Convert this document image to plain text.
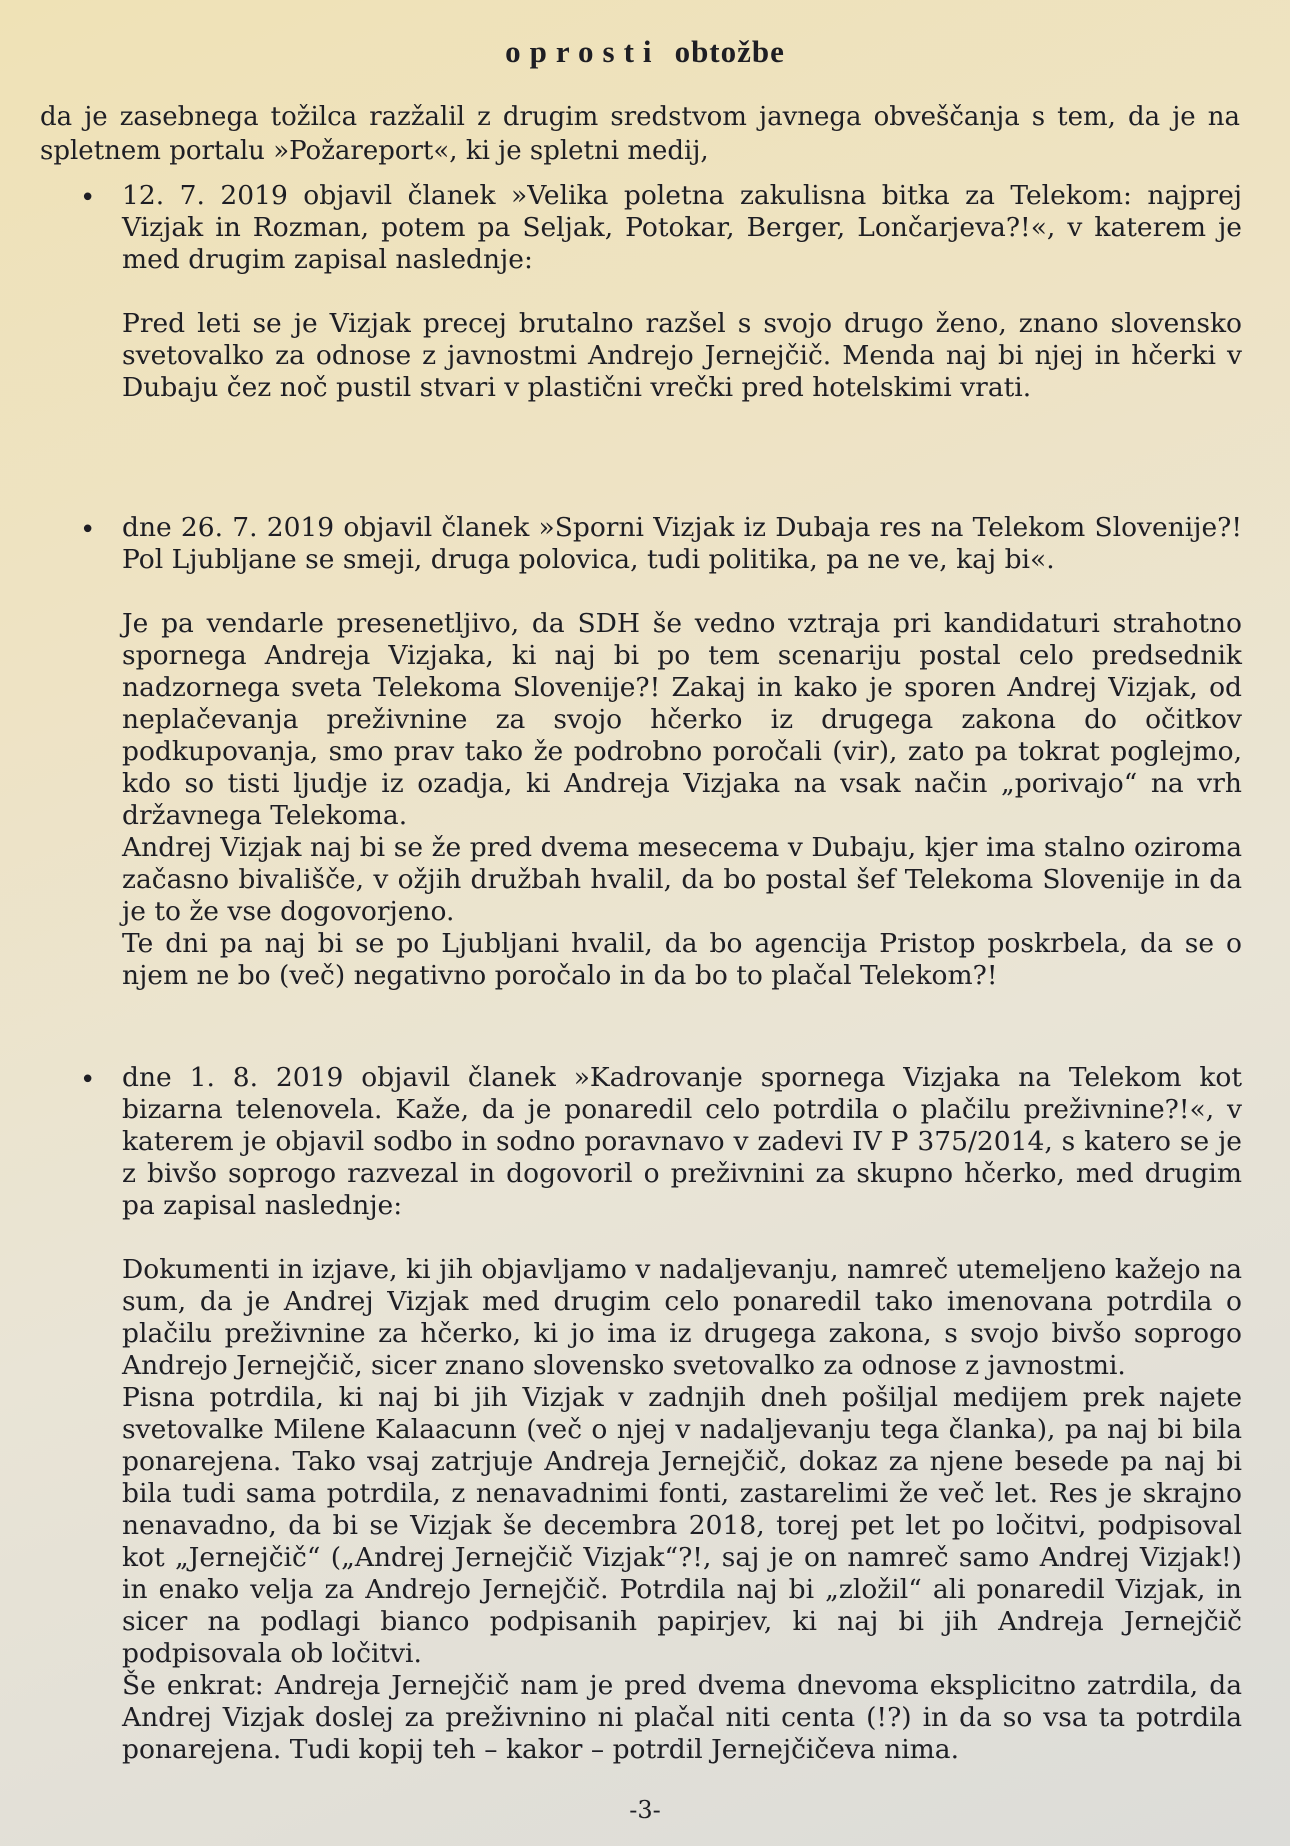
oprosti obtožbe
da je zasebnega tožilca razžalil z drugim sredstvom javnega obveščanja s tem, da je na spletnem portalu »Požareport«, ki je spletni medij,
• 12. 7. 2019 objavil članek »Velika poletna zakulisna bitka za Telekom: najprej Vizjak in Rozman, potem pa Seljak, Potokar, Berger, Lončarjeva?!«, v katerem je med drugim zapisal naslednje:

Pred leti se je Vizjak precej brutalno razšel s svojo drugo ženo, znano slovensko svetovalko za odnose z javnostmi Andrejo Jernejčič. Menda naj bi njej in hčerki v Dubaju čez noč pustil stvari v plastični vrečki pred hotelskimi vrati.

• dne 26. 7. 2019 objavil članek »Sporni Vizjak iz Dubaja res na Telekom Slovenije?! Pol Ljubljane se smeji, druga polovica, tudi politika, pa ne ve, kaj bi«.

Je pa vendarle presenetljivo, da SDH še vedno vztraja pri kandidaturi strahotno spornega Andreja Vizjaka, ki naj bi po tem scenariju postal celo predsednik nadzornega sveta Telekoma Slovenije?! Zakaj in kako je sporen Andrej Vizjak, od neplačevanja preživnine za svojo hčerko iz drugega zakona do očitkov podkupovanja, smo prav tako že podrobno poročali (vir), zato pa tokrat poglejmo, kdo so tisti ljudje iz ozadja, ki Andreja Vizjaka na vsak način „porivajo“ na vrh državnega Telekoma.

Andrej Vizjak naj bi se že pred dvema mesecema v Dubaju, kjer ima stalno oziroma začasno bivališče, v ožjih družbah hvalil, da bo postal šef Telekoma Slovenije in da je to že vse dogovorjeno.

Te dni pa naj bi se po Ljubljani hvalil, da bo agencija Pristop poskrbela, da se o njem ne bo (več) negativno poročalo in da bo to plačal Telekom?!

• dne 1. 8. 2019 objavil članek »Kadrovanje spornega Vizjaka na Telekom kot bizarna telenovela. Kaže, da je ponaredil celo potrdila o plačilu preživnine?!«, v katerem je objavil sodbo in sodno poravnavo v zadevi IV P 375/2014, s katero se je z bivšo soprogo razvezal in dogovoril o preživnini za skupno hčerko, med drugim pa zapisal naslednje:

Dokumenti in izjave, ki jih objavljamo v nadaljevanju, namreč utemeljeno kažejo na sum, da je Andrej Vizjak med drugim celo ponaredil tako imenovana potrdila o plačilu preživnine za hčerko, ki jo ima iz drugega zakona, s svojo bivšo soprogo Andrejo Jernejčič, sicer znano slovensko svetovalko za odnose z javnostmi.

Pisna potrdila, ki naj bi jih Vizjak v zadnjih dneh pošiljal medijem prek najete svetovalke Milene Kalaacunn (več o njej v nadaljevanju tega članka), pa naj bi bila ponarejena. Tako vsaj zatrjuje Andreja Jernejčič, dokaz za njene besede pa naj bi bila tudi sama potrdila, z nenavadnimi fonti, zastarelimi že več let. Res je skrajno nenavadno, da bi se Vizjak še decembra 2018, torej pet let po ločitvi, podpisoval kot „Jernejčič“ („Andrej Jernejčič Vizjak“?!, saj je on namreč samo Andrej Vizjak!) in enako velja za Andrejo Jernejčič. Potrdila naj bi „zložil“ ali ponaredil Vizjak, in sicer na podlagi bianco podpisanih papirjev, ki naj bi jih Andreja Jernejčič podpisovala ob ločitvi.

Še enkrat: Andreja Jernejčič nam je pred dvema dnevoma eksplicitno zatrdila, da Andrej Vizjak doslej za preživnino ni plačal niti centa (!?) in da so vsa ta potrdila ponarejena. Tudi kopij teh – kakor – potrdil Jernejčičeva nima.

-3-
